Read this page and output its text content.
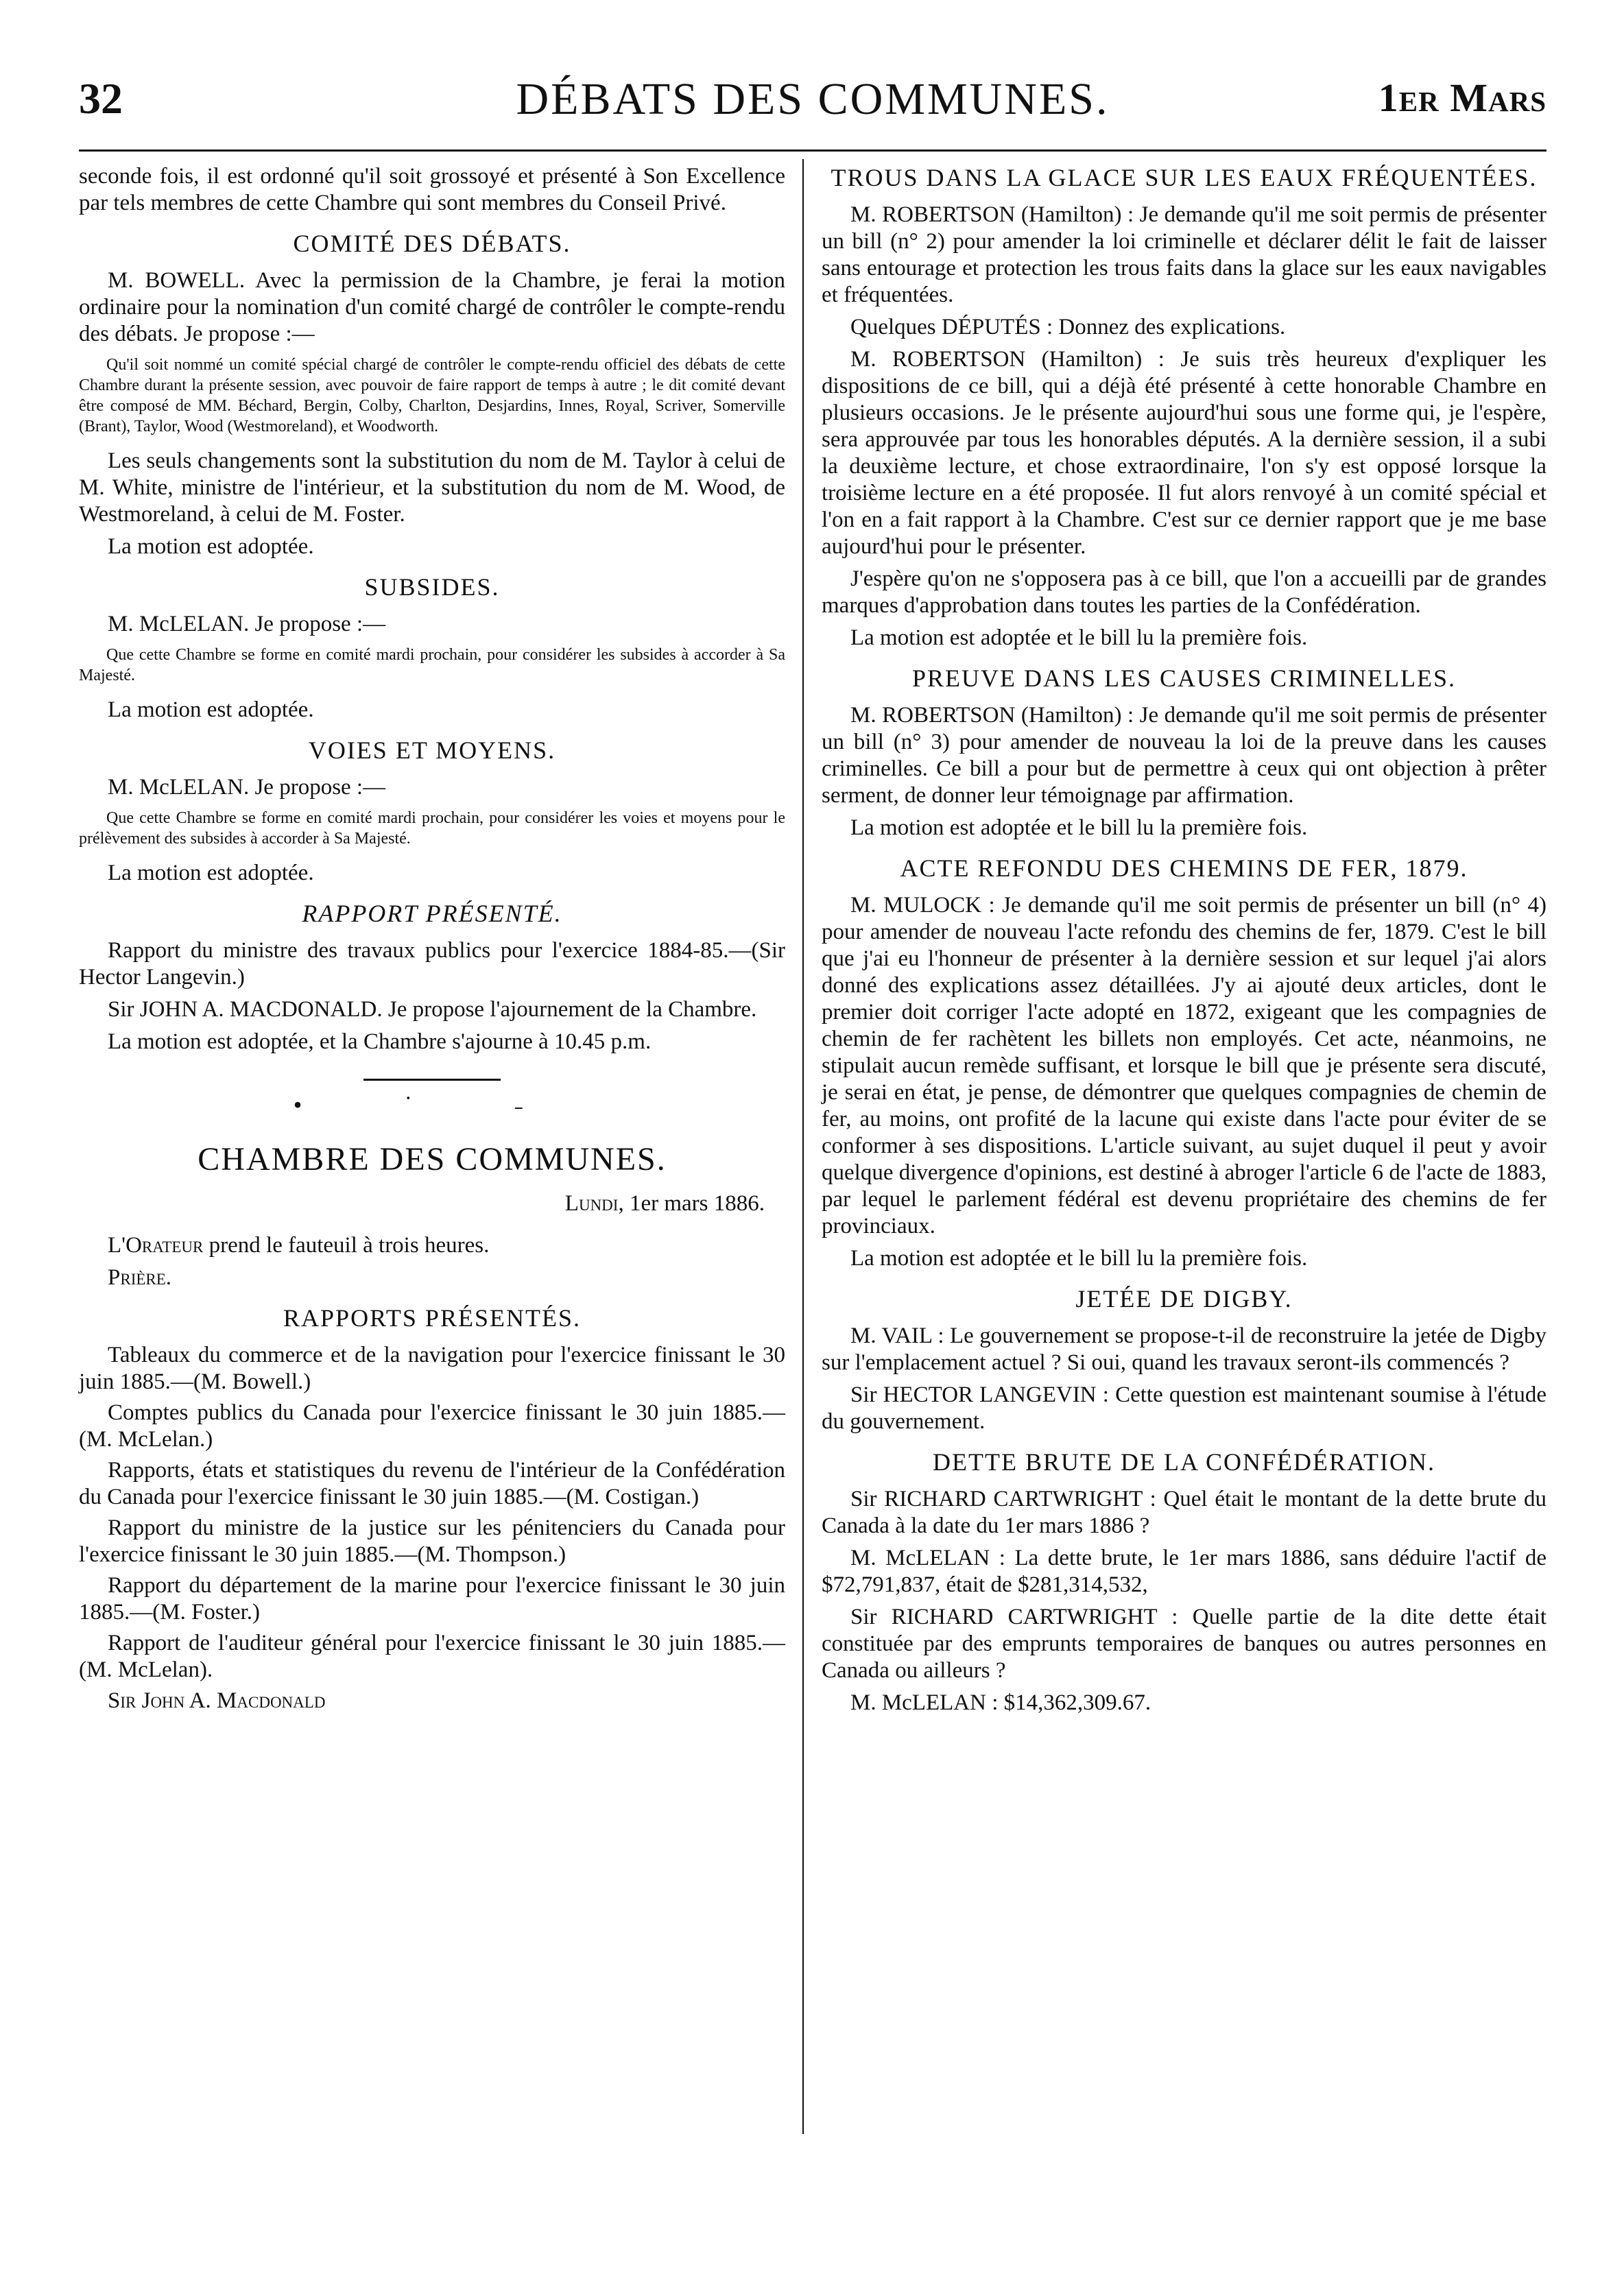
32	DÉBATS DES COMMUNES.	1er Mars

seconde fois, il est ordonné qu'il soit grossoyé et présenté à Son Excellence par tels membres de cette Chambre qui sont membres du Conseil Privé.

COMITÉ DES DÉBATS.

M. BOWELL. Avec la permission de la Chambre, je ferai la motion ordinaire pour la nomination d'un comité chargé de contrôler le compte-rendu des débats. Je propose :—

Qu'il soit nommé un comité spécial chargé de contrôler le compte-rendu officiel des débats de cette Chambre durant la présente session, avec pouvoir de faire rapport de temps à autre ; le dit comité devant être composé de MM. Béchard, Bergin, Colby, Charlton, Desjardins, Innes, Royal, Scriver, Somerville (Brant), Taylor, Wood (Westmoreland), et Woodworth.

Les seuls changements sont la substitution du nom de M. Taylor à celui de M. White, ministre de l'intérieur, et la substitution du nom de M. Wood, de Westmoreland, à celui de M. Foster.

La motion est adoptée.

SUBSIDES.

M. McLELAN. Je propose :—

Que cette Chambre se forme en comité mardi prochain, pour considérer les subsides à accorder à Sa Majesté.

La motion est adoptée.

VOIES ET MOYENS.

M. McLELAN. Je propose :—

Que cette Chambre se forme en comité mardi prochain, pour considérer les voies et moyens pour le prélèvement des subsides à accorder à Sa Majesté.

La motion est adoptée.

RAPPORT PRÉSENTÉ.

Rapport du ministre des travaux publics pour l'exercice 1884-85.—(Sir Hector Langevin.)

Sir JOHN A. MACDONALD. Je propose l'ajournement de la Chambre.

La motion est adoptée, et la Chambre s'ajourne à 10.45 p.m.

• ˙ ˗
CHAMBRE DES COMMUNES.
Lundi, 1er mars 1886.

L'Orateur prend le fauteuil à trois heures.

Prière.

RAPPORTS PRÉSENTÉS.

Tableaux du commerce et de la navigation pour l'exercice finissant le 30 juin 1885.—(M. Bowell.)

Comptes publics du Canada pour l'exercice finissant le 30 juin 1885.—(M. McLelan.)

Rapports, états et statistiques du revenu de l'intérieur de la Confédération du Canada pour l'exercice finissant le 30 juin 1885.—(M. Costigan.)

Rapport du ministre de la justice sur les pénitenciers du Canada pour l'exercice finissant le 30 juin 1885.—(M. Thompson.)

Rapport du département de la marine pour l'exercice finissant le 30 juin 1885.—(M. Foster.)

Rapport de l'auditeur général pour l'exercice finissant le 30 juin 1885.—(M. McLelan).

Sir John A. Macdonald

TROUS DANS LA GLACE SUR LES EAUX FRÉQUENTÉES.

M. ROBERTSON (Hamilton) : Je demande qu'il me soit permis de présenter un bill (n° 2) pour amender la loi criminelle et déclarer délit le fait de laisser sans entourage et protection les trous faits dans la glace sur les eaux navigables et fréquentées.

Quelques DÉPUTÉS : Donnez des explications.

M. ROBERTSON (Hamilton) : Je suis très heureux d'expliquer les dispositions de ce bill, qui a déjà été présenté à cette honorable Chambre en plusieurs occasions. Je le présente aujourd'hui sous une forme qui, je l'espère, sera approuvée par tous les honorables députés. A la dernière session, il a subi la deuxième lecture, et chose extraordinaire, l'on s'y est opposé lorsque la troisième lecture en a été proposée. Il fut alors renvoyé à un comité spécial et l'on en a fait rapport à la Chambre. C'est sur ce dernier rapport que je me base aujourd'hui pour le présenter.

J'espère qu'on ne s'opposera pas à ce bill, que l'on a accueilli par de grandes marques d'approbation dans toutes les parties de la Confédération.

La motion est adoptée et le bill lu la première fois.

PREUVE DANS LES CAUSES CRIMINELLES.

M. ROBERTSON (Hamilton) : Je demande qu'il me soit permis de présenter un bill (n° 3) pour amender de nouveau la loi de la preuve dans les causes criminelles. Ce bill a pour but de permettre à ceux qui ont objection à prêter serment, de donner leur témoignage par affirmation.

La motion est adoptée et le bill lu la première fois.

ACTE REFONDU DES CHEMINS DE FER, 1879.

M. MULOCK : Je demande qu'il me soit permis de présenter un bill (n° 4) pour amender de nouveau l'acte refondu des chemins de fer, 1879. C'est le bill que j'ai eu l'honneur de présenter à la dernière session et sur lequel j'ai alors donné des explications assez détaillées. J'y ai ajouté deux articles, dont le premier doit corriger l'acte adopté en 1872, exigeant que les compagnies de chemin de fer rachètent les billets non employés. Cet acte, néanmoins, ne stipulait aucun remède suffisant, et lorsque le bill que je présente sera discuté, je serai en état, je pense, de démontrer que quelques compagnies de chemin de fer, au moins, ont profité de la lacune qui existe dans l'acte pour éviter de se conformer à ses dispositions. L'article suivant, au sujet duquel il peut y avoir quelque divergence d'opinions, est destiné à abroger l'article 6 de l'acte de 1883, par lequel le parlement fédéral est devenu propriétaire des chemins de fer provinciaux.

La motion est adoptée et le bill lu la première fois.

JETÉE DE DIGBY.

M. VAIL : Le gouvernement se propose-t-il de reconstruire la jetée de Digby sur l'emplacement actuel ? Si oui, quand les travaux seront-ils commencés ?

Sir HECTOR LANGEVIN : Cette question est maintenant soumise à l'étude du gouvernement.

DETTE BRUTE DE LA CONFÉDÉRATION.

Sir RICHARD CARTWRIGHT : Quel était le montant de la dette brute du Canada à la date du 1er mars 1886 ?

M. McLELAN : La dette brute, le 1er mars 1886, sans déduire l'actif de $72,791,837, était de $281,314,532,

Sir RICHARD CARTWRIGHT : Quelle partie de la dite dette était constituée par des emprunts temporaires de banques ou autres personnes en Canada ou ailleurs ?

M. McLELAN : $14,362,309.67.
